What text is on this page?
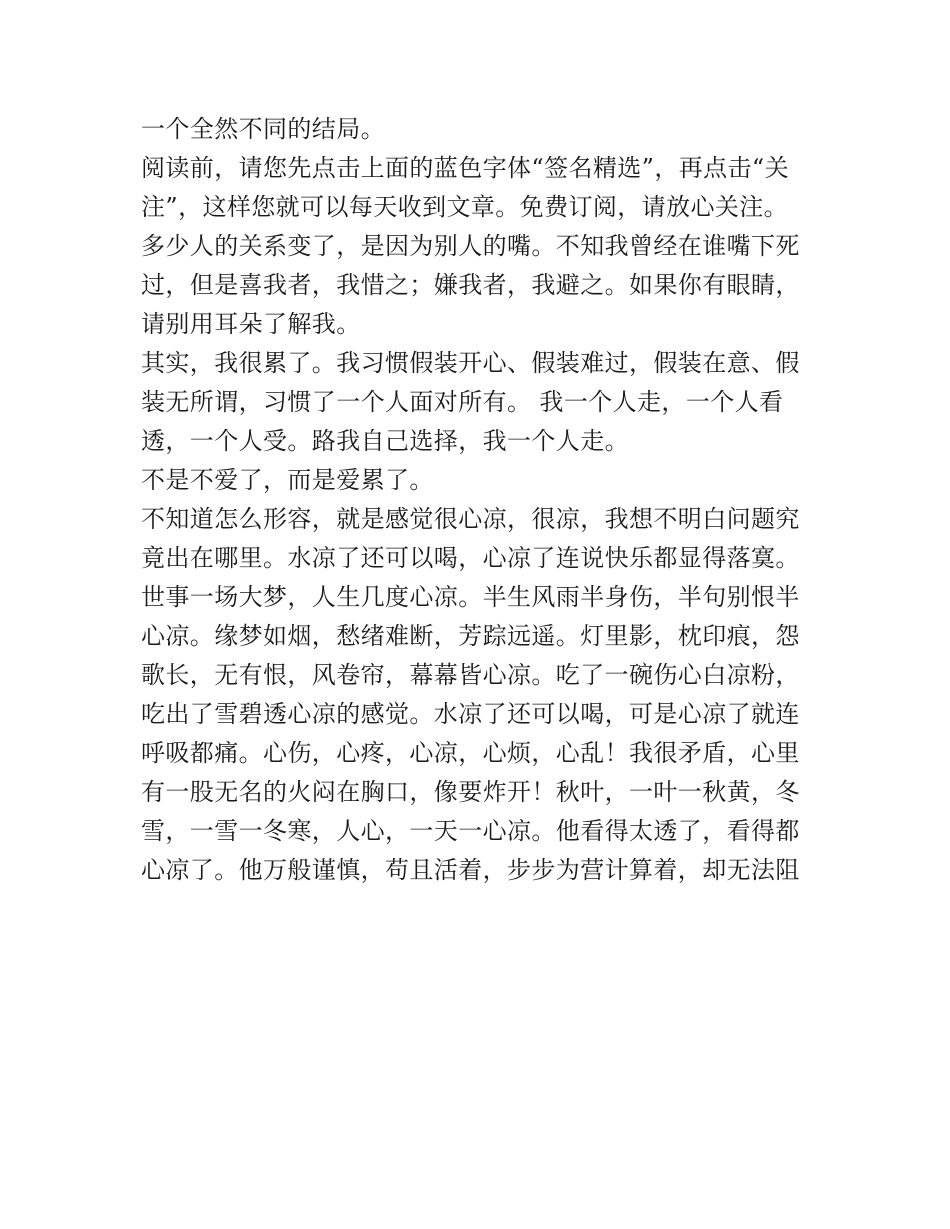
一个全然不同的结局。

阅读前，请您先点击上面的蓝色字体“签名精选”，再点击“关
注”，这样您就可以每天收到文章。免费订阅，请放心关注。

多少人的关系变了，是因为别人的嘴。不知我曾经在谁嘴下死
过，但是喜我者，我惜之；嫌我者，我避之。如果你有眼睛，
请别用耳朵了解我。

其实，我很累了。我习惯假装开心、假装难过，假装在意、假
装无所谓，习惯了一个人面对所有。 我一个人走，一个人看
透，一个人受。路我自己选择，我一个人走。

不是不爱了，而是爱累了。

不知道怎么形容，就是感觉很心凉，很凉，我想不明白问题究
竟出在哪里。水凉了还可以喝，心凉了连说快乐都显得落寞。
世事一场大梦，人生几度心凉。半生风雨半身伤，半句别恨半
心凉。缘梦如烟，愁绪难断，芳踪远遥。灯里影，枕印痕，怨
歌长，无有恨，风卷帘，幕幕皆心凉。吃了一碗伤心白凉粉，
吃出了雪碧透心凉的感觉。水凉了还可以喝，可是心凉了就连
呼吸都痛。心伤，心疼，心凉，心烦，心乱！我很矛盾，心里
有一股无名的火闷在胸口，像要炸开！秋叶，一叶一秋黄，冬
雪，一雪一冬寒，人心，一天一心凉。他看得太透了，看得都
心凉了。他万般谨慎，苟且活着，步步为营计算着，却无法阻
